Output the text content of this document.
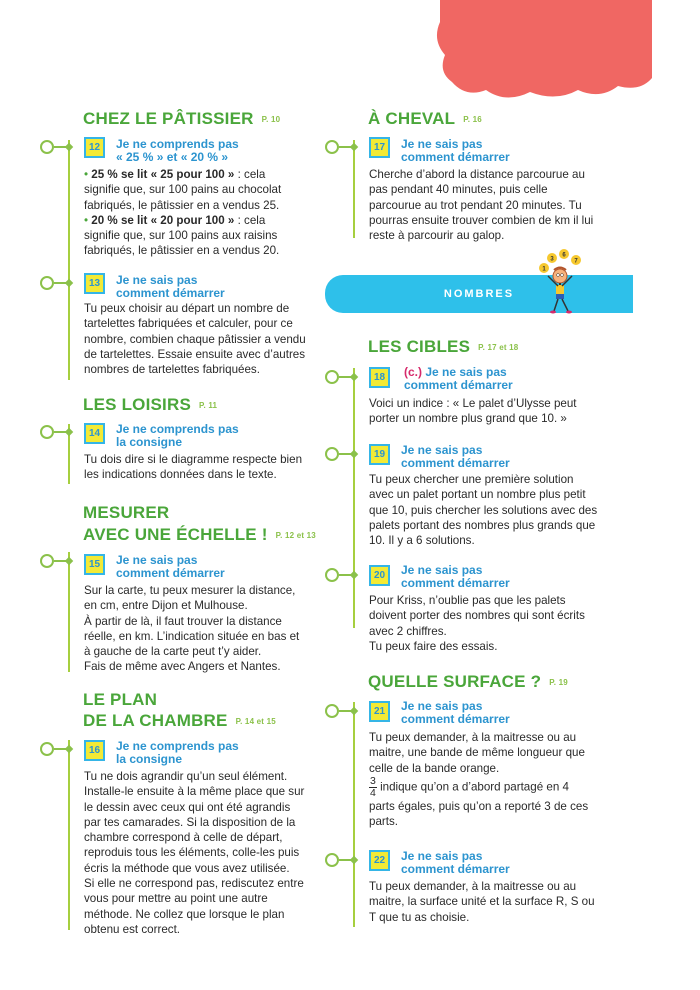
CHEZ LE PÂTISSIER P. 10
12	Je ne comprends pas
« 25 % » et « 20 % »

• 25 % se lit « 25 pour 100 » : cela signifie que, sur 100 pains au chocolat fabriqués, le pâtissier en a vendus 25.

• 20 % se lit « 20 pour 100 » : cela signifie que, sur 100 pains aux raisins fabriqués, le pâtissier en a vendus 20.

13	Je ne sais pas
comment démarrer
Tu peux choisir au départ un nombre de tartelettes fabriquées et calculer, pour ce nombre, combien chaque pâtissier a vendu de tartelettes. Essaie ensuite avec d’autres nombres de tartelettes fabriquées.
LES LOISIRS P. 11
14	Je ne comprends pas
la consigne
Tu dois dire si le diagramme respecte bien les indications données dans le texte.
MESURER
AVEC UNE ÉCHELLE ! P. 12 et 13
15	Je ne sais pas
comment démarrer

Sur la carte, tu peux mesurer la distance, en cm, entre Dijon et Mulhouse.

À partir de là, il faut trouver la distance réelle, en km. L’indication située en bas et à gauche de la carte peut t’y aider.

Fais de même avec Angers et Nantes.

LE PLAN
DE LA CHAMBRE P. 14 et 15
16	Je ne comprends pas
la consigne

Tu ne dois agrandir qu’un seul élément. Installe-le ensuite à la même place que sur le dessin avec ceux qui ont été agrandis par tes camarades. Si la disposition de la chambre correspond à celle de départ, reproduis tous les éléments, colle-les puis écris la méthode que vous avez utilisée.

Si elle ne correspond pas, rediscutez entre vous pour mettre au point une autre méthode. Ne collez que lorsque le plan obtenu est correct.

À CHEVAL P. 16
17	Je ne sais pas
comment démarrer
Cherche d’abord la distance parcourue au pas pendant 40 minutes, puis celle parcourue au trot pendant 20 minutes. Tu pourras ensuite trouver combien de km il lui reste à parcourir au galop.
NOMBRES
1
3
6
7
LES CIBLES P. 17 et 18
18	(c.) Je ne sais pas
comment démarrer
Voici un indice : « Le palet d’Ulysse peut porter un nombre plus grand que 10. »
19	Je ne sais pas
comment démarrer
Tu peux chercher une première solution avec un palet portant un nombre plus petit que 10, puis chercher les solutions avec des palets portant des nombres plus grands que 10. Il y a 6 solutions.
20	Je ne sais pas
comment démarrer

Pour Kriss, n’oublie pas que les palets doivent porter des nombres qui sont écrits avec 2 chiffres.

Tu peux faire des essais.

QUELLE SURFACE ? P. 19
21	Je ne sais pas
comment démarrer

Tu peux demander, à la maitresse ou au maitre, une bande de même longueur que celle de la bande orange.

$\frac{3}{4}$ indique qu’on a d’abord partagé en 4 parts égales, puis qu’on a reporté 3 de ces parts.

22	Je ne sais pas
comment démarrer
Tu peux demander, à la maitresse ou au maitre, la surface unité et la surface R, S ou T que tu as choisie.
